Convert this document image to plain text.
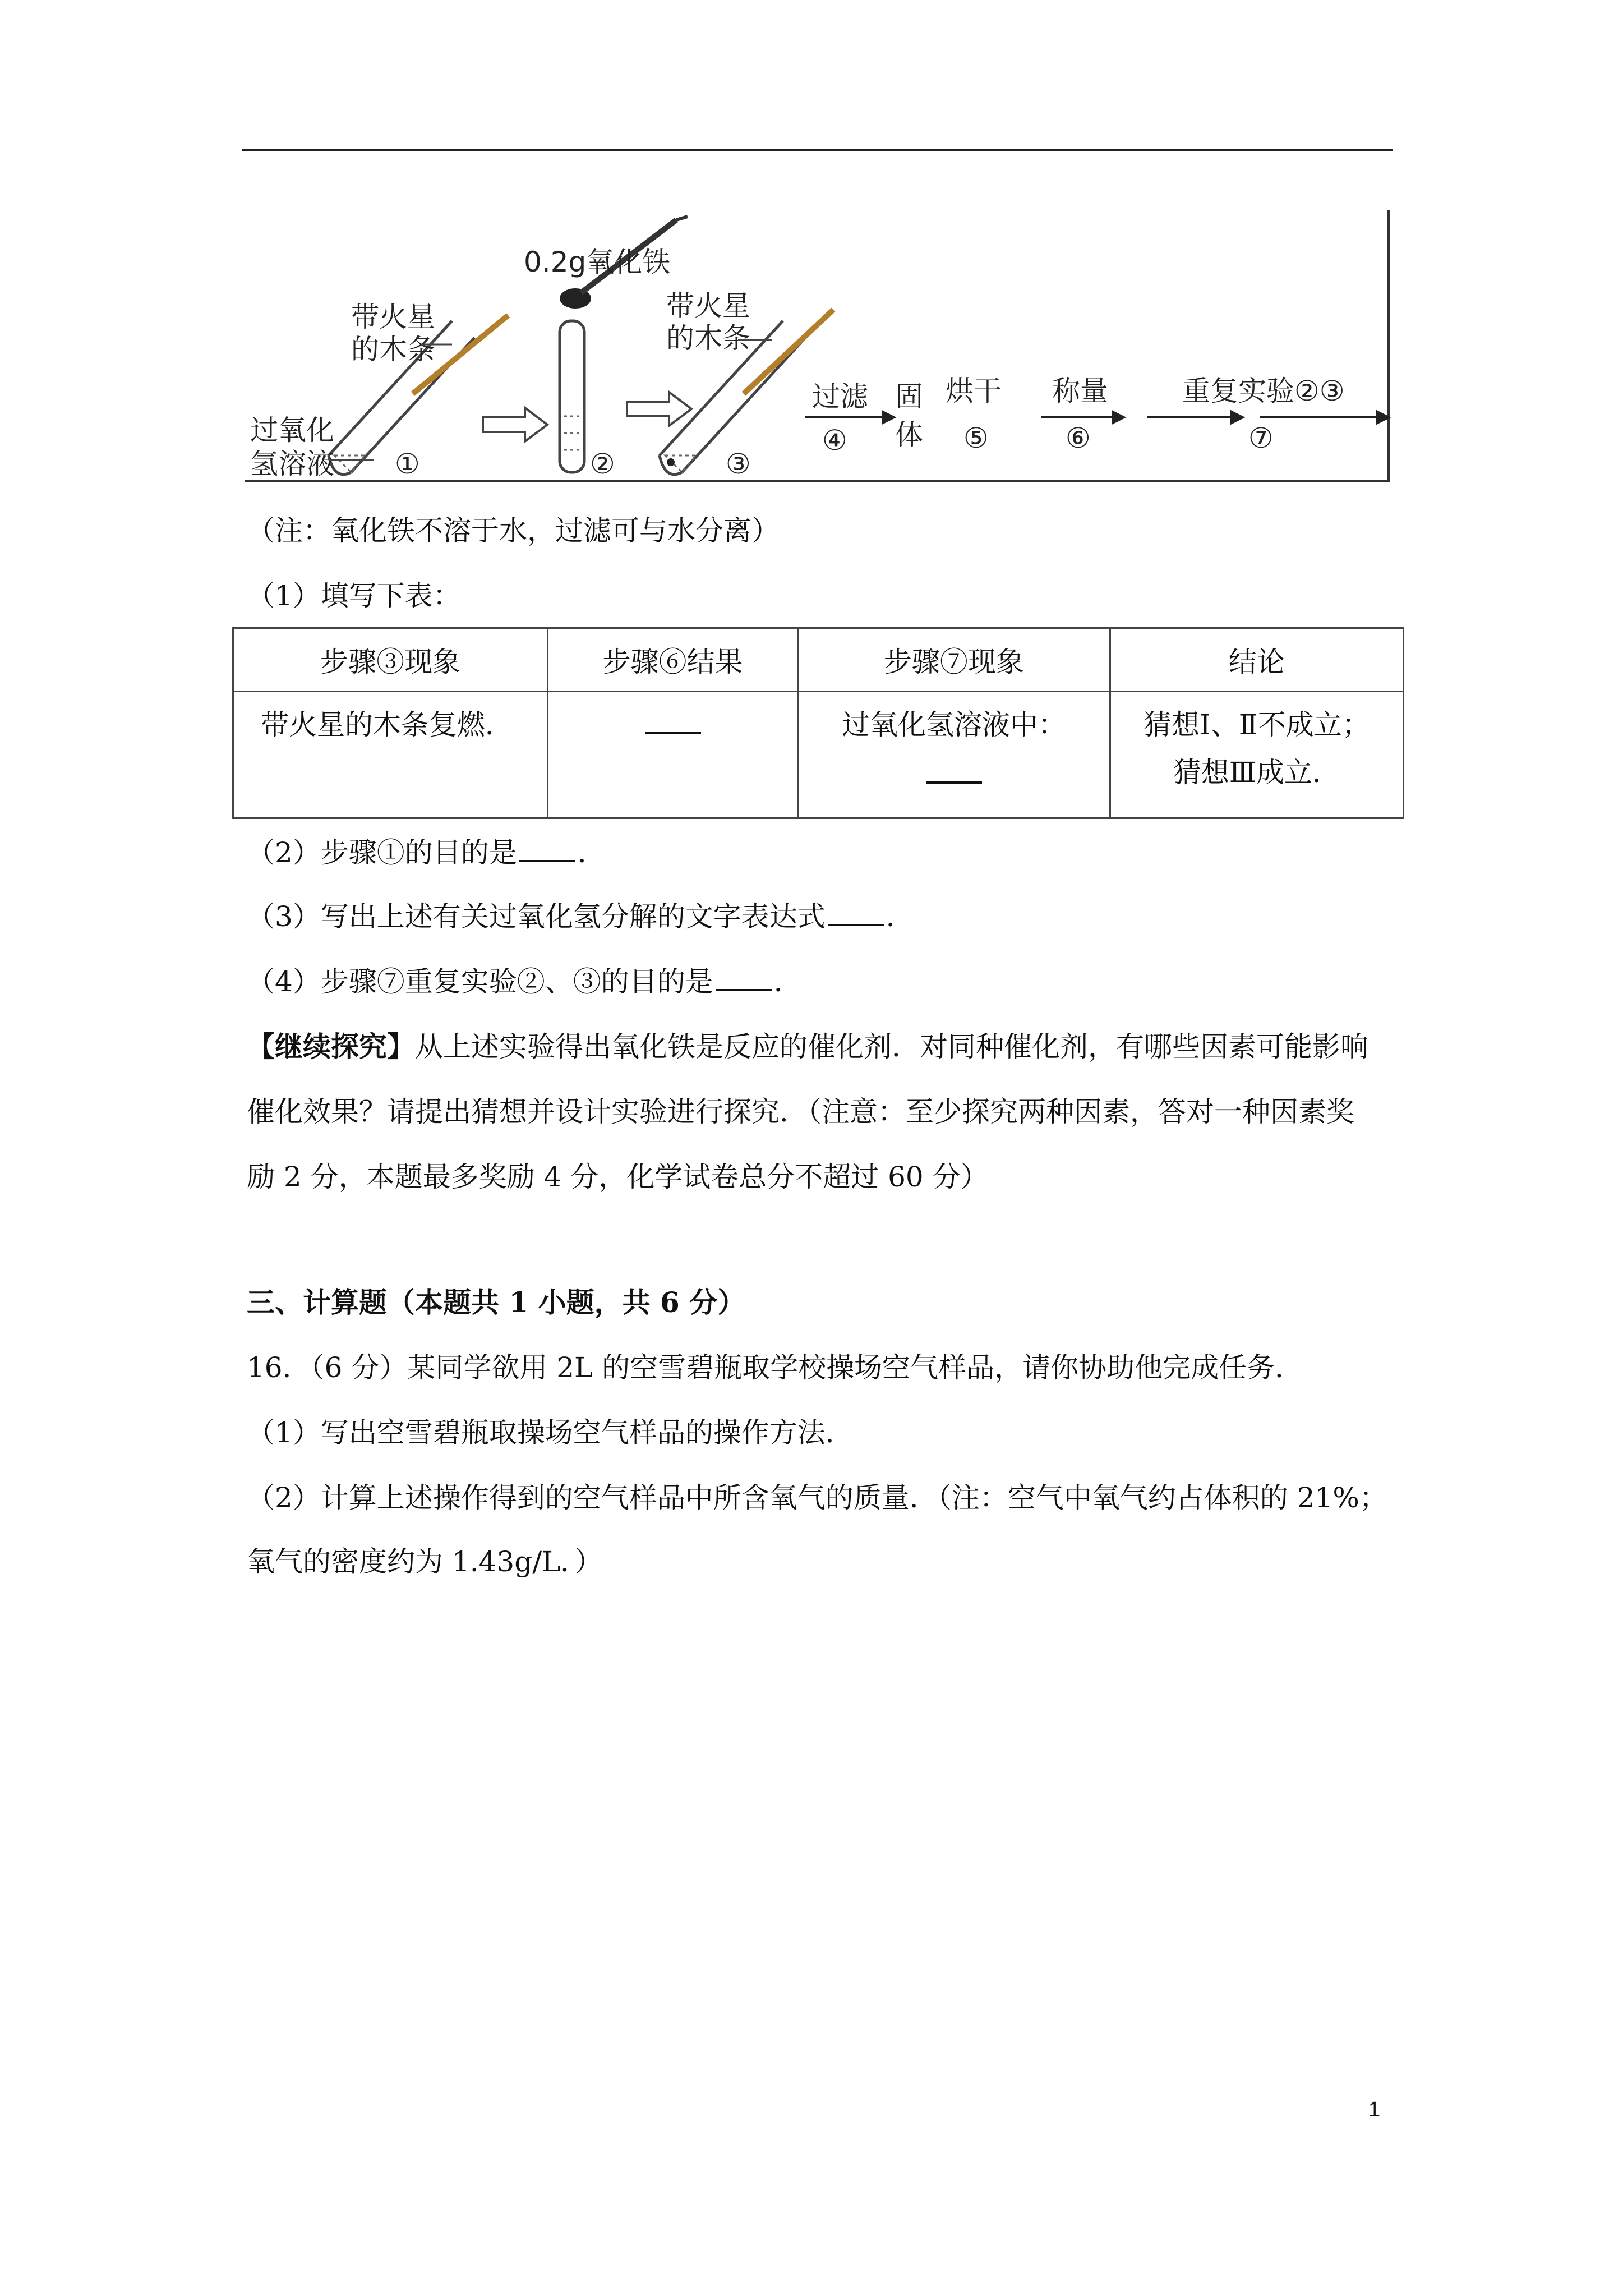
带火星
的木条
过氧化
氢溶液 ①
0.2g氧化铁
②
带火星
的木条
③
过滤
④
固
体
烘干
⑤
称量
⑥
重复实验②③
⑦
（注：氧化铁不溶于水，过滤可与水分离）
（1）填写下表：
步骤③现象	步骤⑥结果	步骤⑦现象	结论

带火星的木条复燃．		过氧化氢溶液中：	猜想Ⅰ、Ⅱ不成立；
猜想Ⅲ成立．
（2）步骤①的目的是 ．
（3）写出上述有关过氧化氢分解的文字表达式 ．
（4）步骤⑦重复实验②、③的目的是 ．
【继续探究】从上述实验得出氧化铁是反应的催化剂．对同种催化剂，有哪些因素可能影响
催化效果？请提出猜想并设计实验进行探究．（注意：至少探究两种因素，答对一种因素奖
励 2 分，本题最多奖励 4 分，化学试卷总分不超过 60 分）
三、计算题（本题共 1 小题，共 6 分）
16．（6 分）某同学欲用 2L 的空雪碧瓶取学校操场空气样品，请你协助他完成任务．
（1）写出空雪碧瓶取操场空气样品的操作方法．
（2）计算上述操作得到的空气样品中所含氧气的质量．（注：空气中氧气约占体积的 21%；
氧气的密度约为 1.43g/L．）
1
